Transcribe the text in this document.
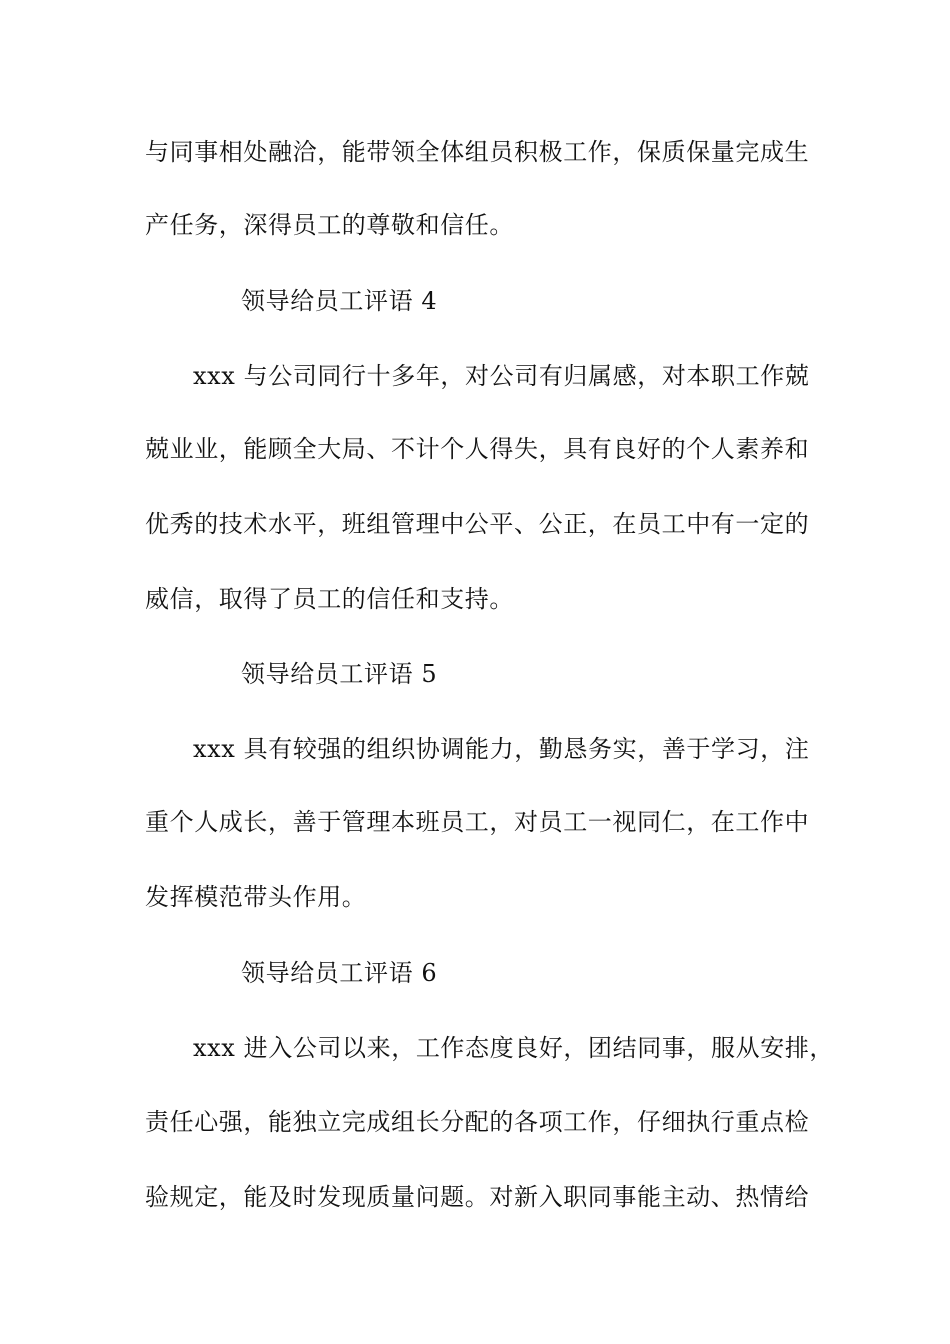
与同事相处融洽，能带领全体组员积极工作，保质保量完成生
产任务，深得员工的尊敬和信任。
领导给员工评语 4
xxx 与公司同行十多年，对公司有归属感，对本职工作兢
兢业业，能顾全大局、不计个人得失，具有良好的个人素养和
优秀的技术水平，班组管理中公平、公正，在员工中有一定的
威信，取得了员工的信任和支持。
领导给员工评语 5
xxx 具有较强的组织协调能力，勤恳务实，善于学习，注
重个人成长，善于管理本班员工，对员工一视同仁，在工作中
发挥模范带头作用。
领导给员工评语 6
xxx 进入公司以来，工作态度良好，团结同事，服从安排，
责任心强，能独立完成组长分配的各项工作，仔细执行重点检
验规定，能及时发现质量问题。对新入职同事能主动、热情给
